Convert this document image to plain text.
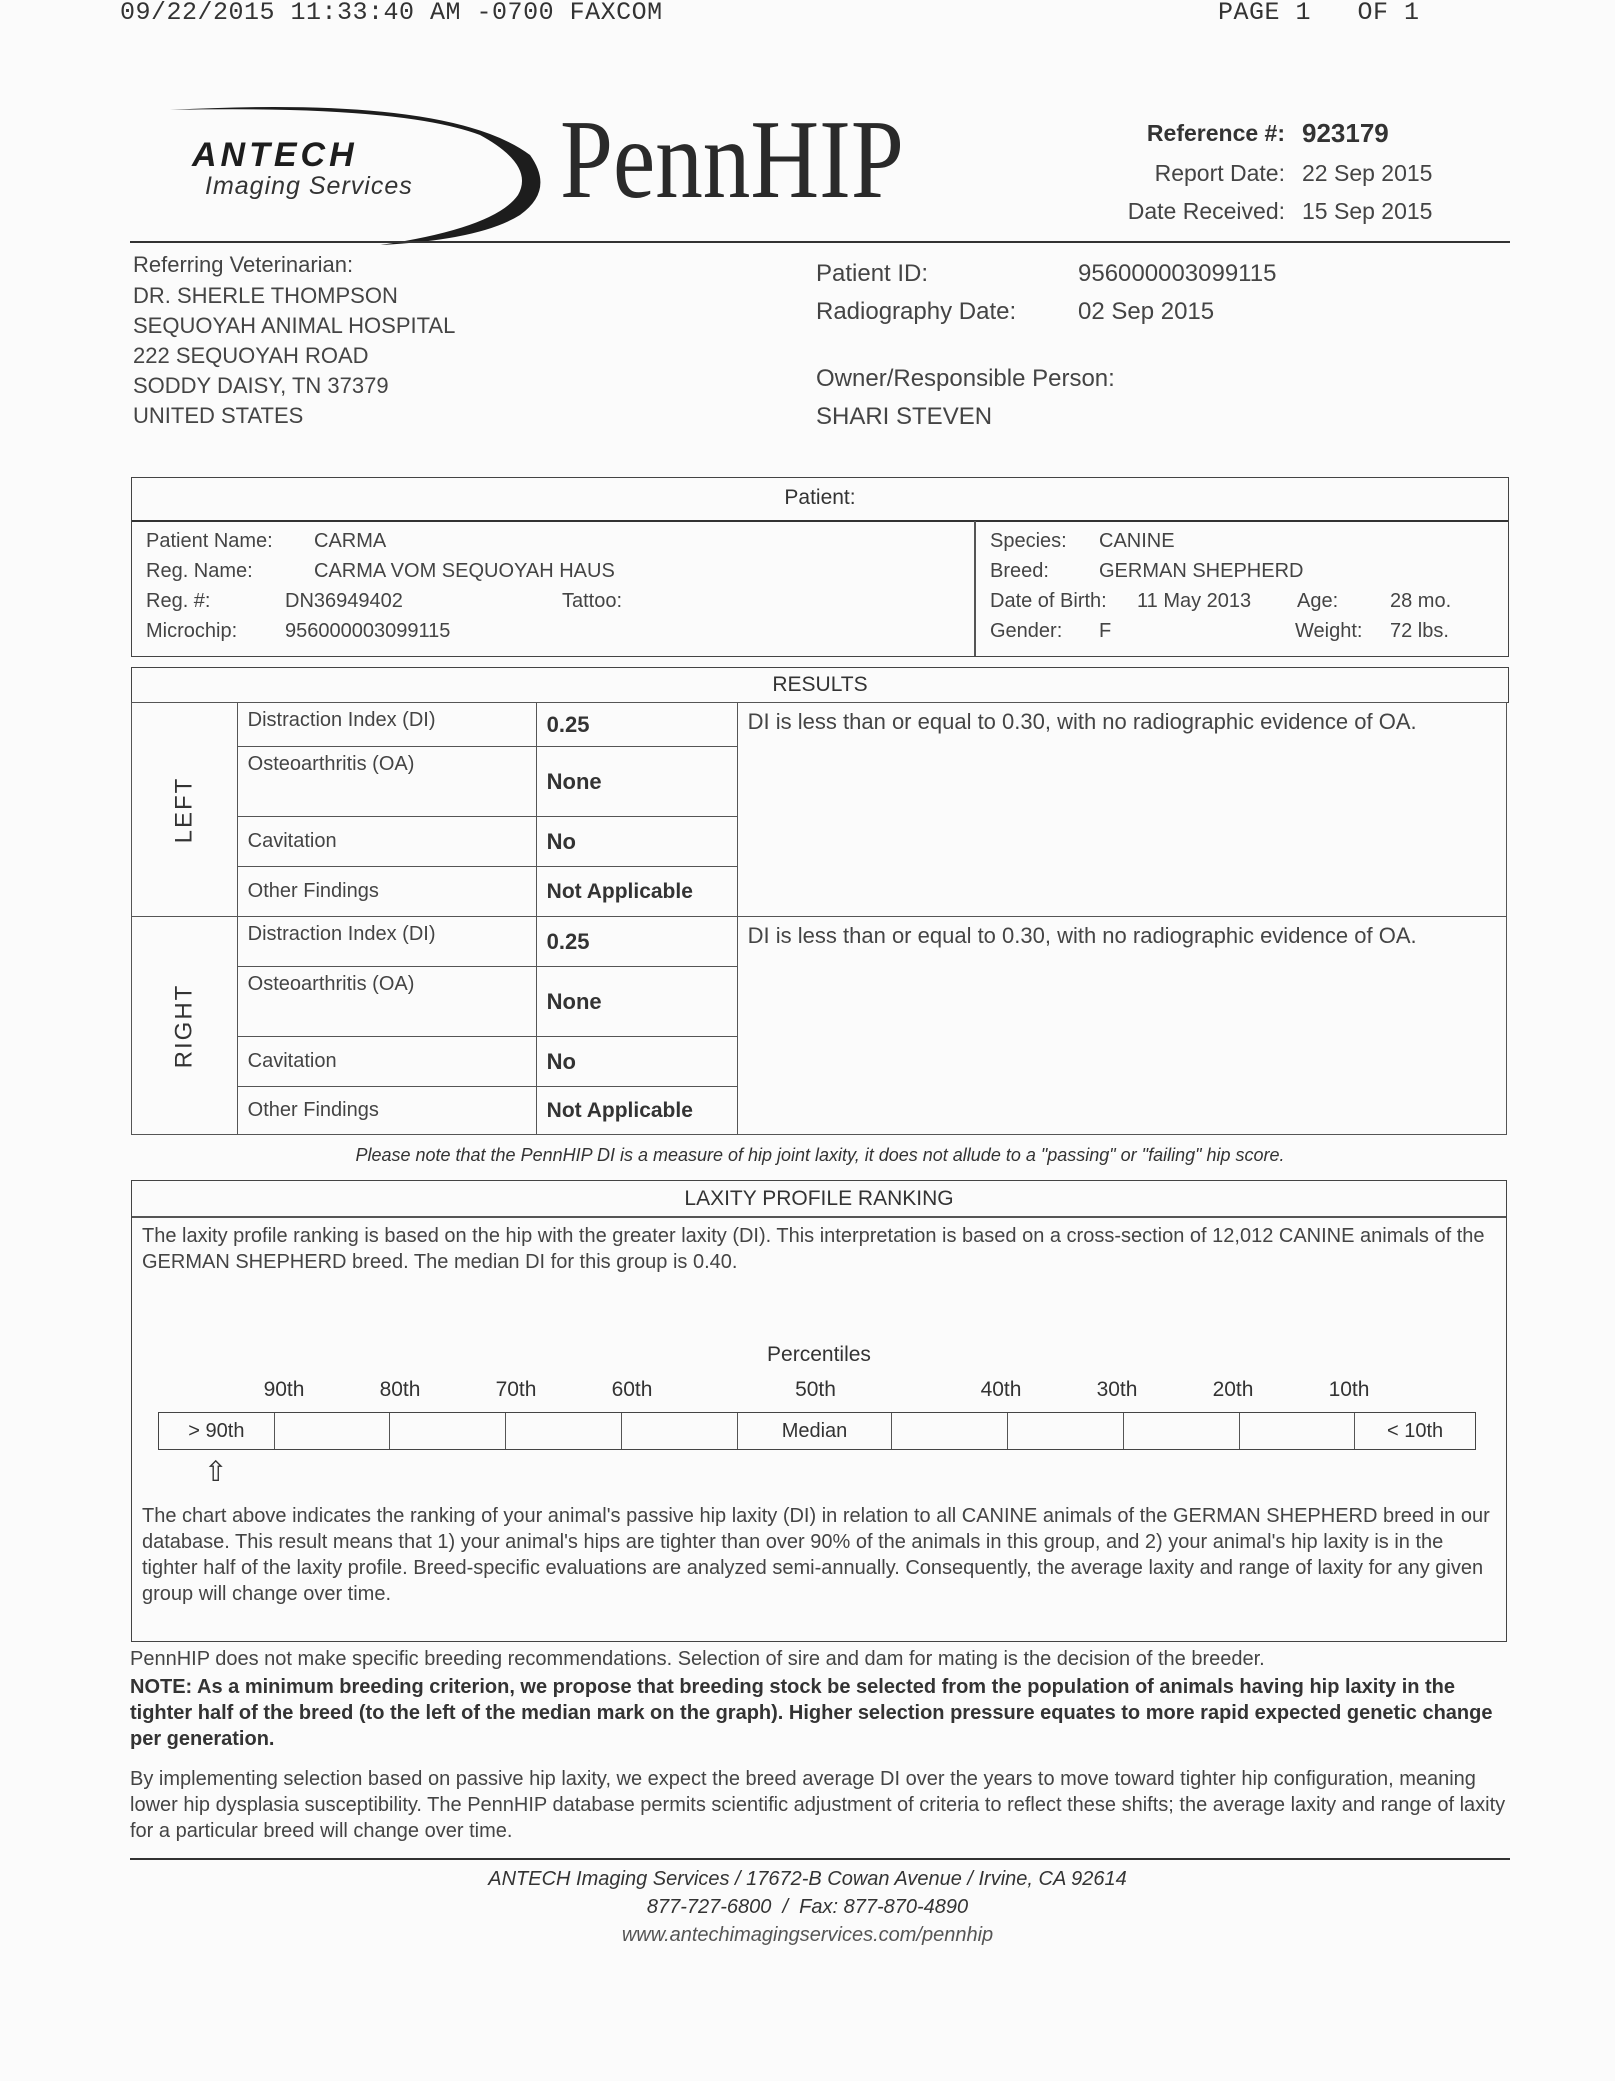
09/22/2015 11:33:40 AM -0700 FAXCOM	PAGE 1   OF 1
ANTECH
Imaging Services PennHIP	Reference #: 923179
Report Date: 22 Sep 2015
Date Received: 15 Sep 2015
Referring Veterinarian:
DR. SHERLE THOMPSON
SEQUOYAH ANIMAL HOSPITAL
222 SEQUOYAH ROAD
SODDY DAISY, TN 37379
UNITED STATES
Patient ID:	956000003099115
Radiography Date:	02 Sep 2015
Owner/Responsible Person:
SHARI STEVEN
Patient:
Patient Name: CARMA
Reg. Name:	CARMA VOM SEQUOYAH HAUS
Reg. #:	DN36949402	Tattoo:
Microchip: 956000003099115
Species: CANINE
Breed:	GERMAN SHEPHERD
Date of Birth: 11 May 2013 Age:	28 mo.
Gender: F	Weight: 72 lbs.
RESULTS
LEFT	Distraction Index (DI)	0.25	DI is less than or equal to 0.30, with no radiographic evidence of OA.
	Osteoarthritis (OA)	None	
	Cavitation	No	
	Other Findings	Not Applicable	
RIGHT	Distraction Index (DI)	0.25	DI is less than or equal to 0.30, with no radiographic evidence of OA.
	Osteoarthritis (OA)	None	
	Cavitation	No	
	Other Findings	Not Applicable	
Please note that the PennHIP DI is a measure of hip joint laxity, it does not allude to a "passing" or "failing" hip score.
LAXITY PROFILE RANKING
The laxity profile ranking is based on the hip with the greater laxity (DI). This interpretation is based on a cross-section of 12,012 CANINE animals of the GERMAN SHEPHERD breed. The median DI for this group is 0.40.
Percentiles
The chart above indicates the ranking of your animal's passive hip laxity (DI) in relation to all CANINE animals of the GERMAN SHEPHERD breed in our database. This result means that 1) your animal's hips are tighter than over 90% of the animals in this group, and 2) your animal's hip laxity is in the tighter half of the laxity profile. Breed-specific evaluations are analyzed semi-annually. Consequently, the average laxity and range of laxity for any given group will change over time.
90th	80th	70th	60th	50th	40th	30th	20th	10th
> 90th	Median	< 10th
⇧
PennHIP does not make specific breeding recommendations. Selection of sire and dam for mating is the decision of the breeder.
NOTE: As a minimum breeding criterion, we propose that breeding stock be selected from the population of animals having hip laxity in the tighter half of the breed (to the left of the median mark on the graph). Higher selection pressure equates to more rapid expected genetic change per generation.
By implementing selection based on passive hip laxity, we expect the breed average DI over the years to move toward tighter hip configuration, meaning lower hip dysplasia susceptibility. The PennHIP database permits scientific adjustment of criteria to reflect these shifts; the average laxity and range of laxity for a particular breed will change over time.
ANTECH Imaging Services / 17672-B Cowan Avenue / Irvine, CA 92614
877-727-6800  /  Fax: 877-870-4890
www.antechimagingservices.com/pennhip
